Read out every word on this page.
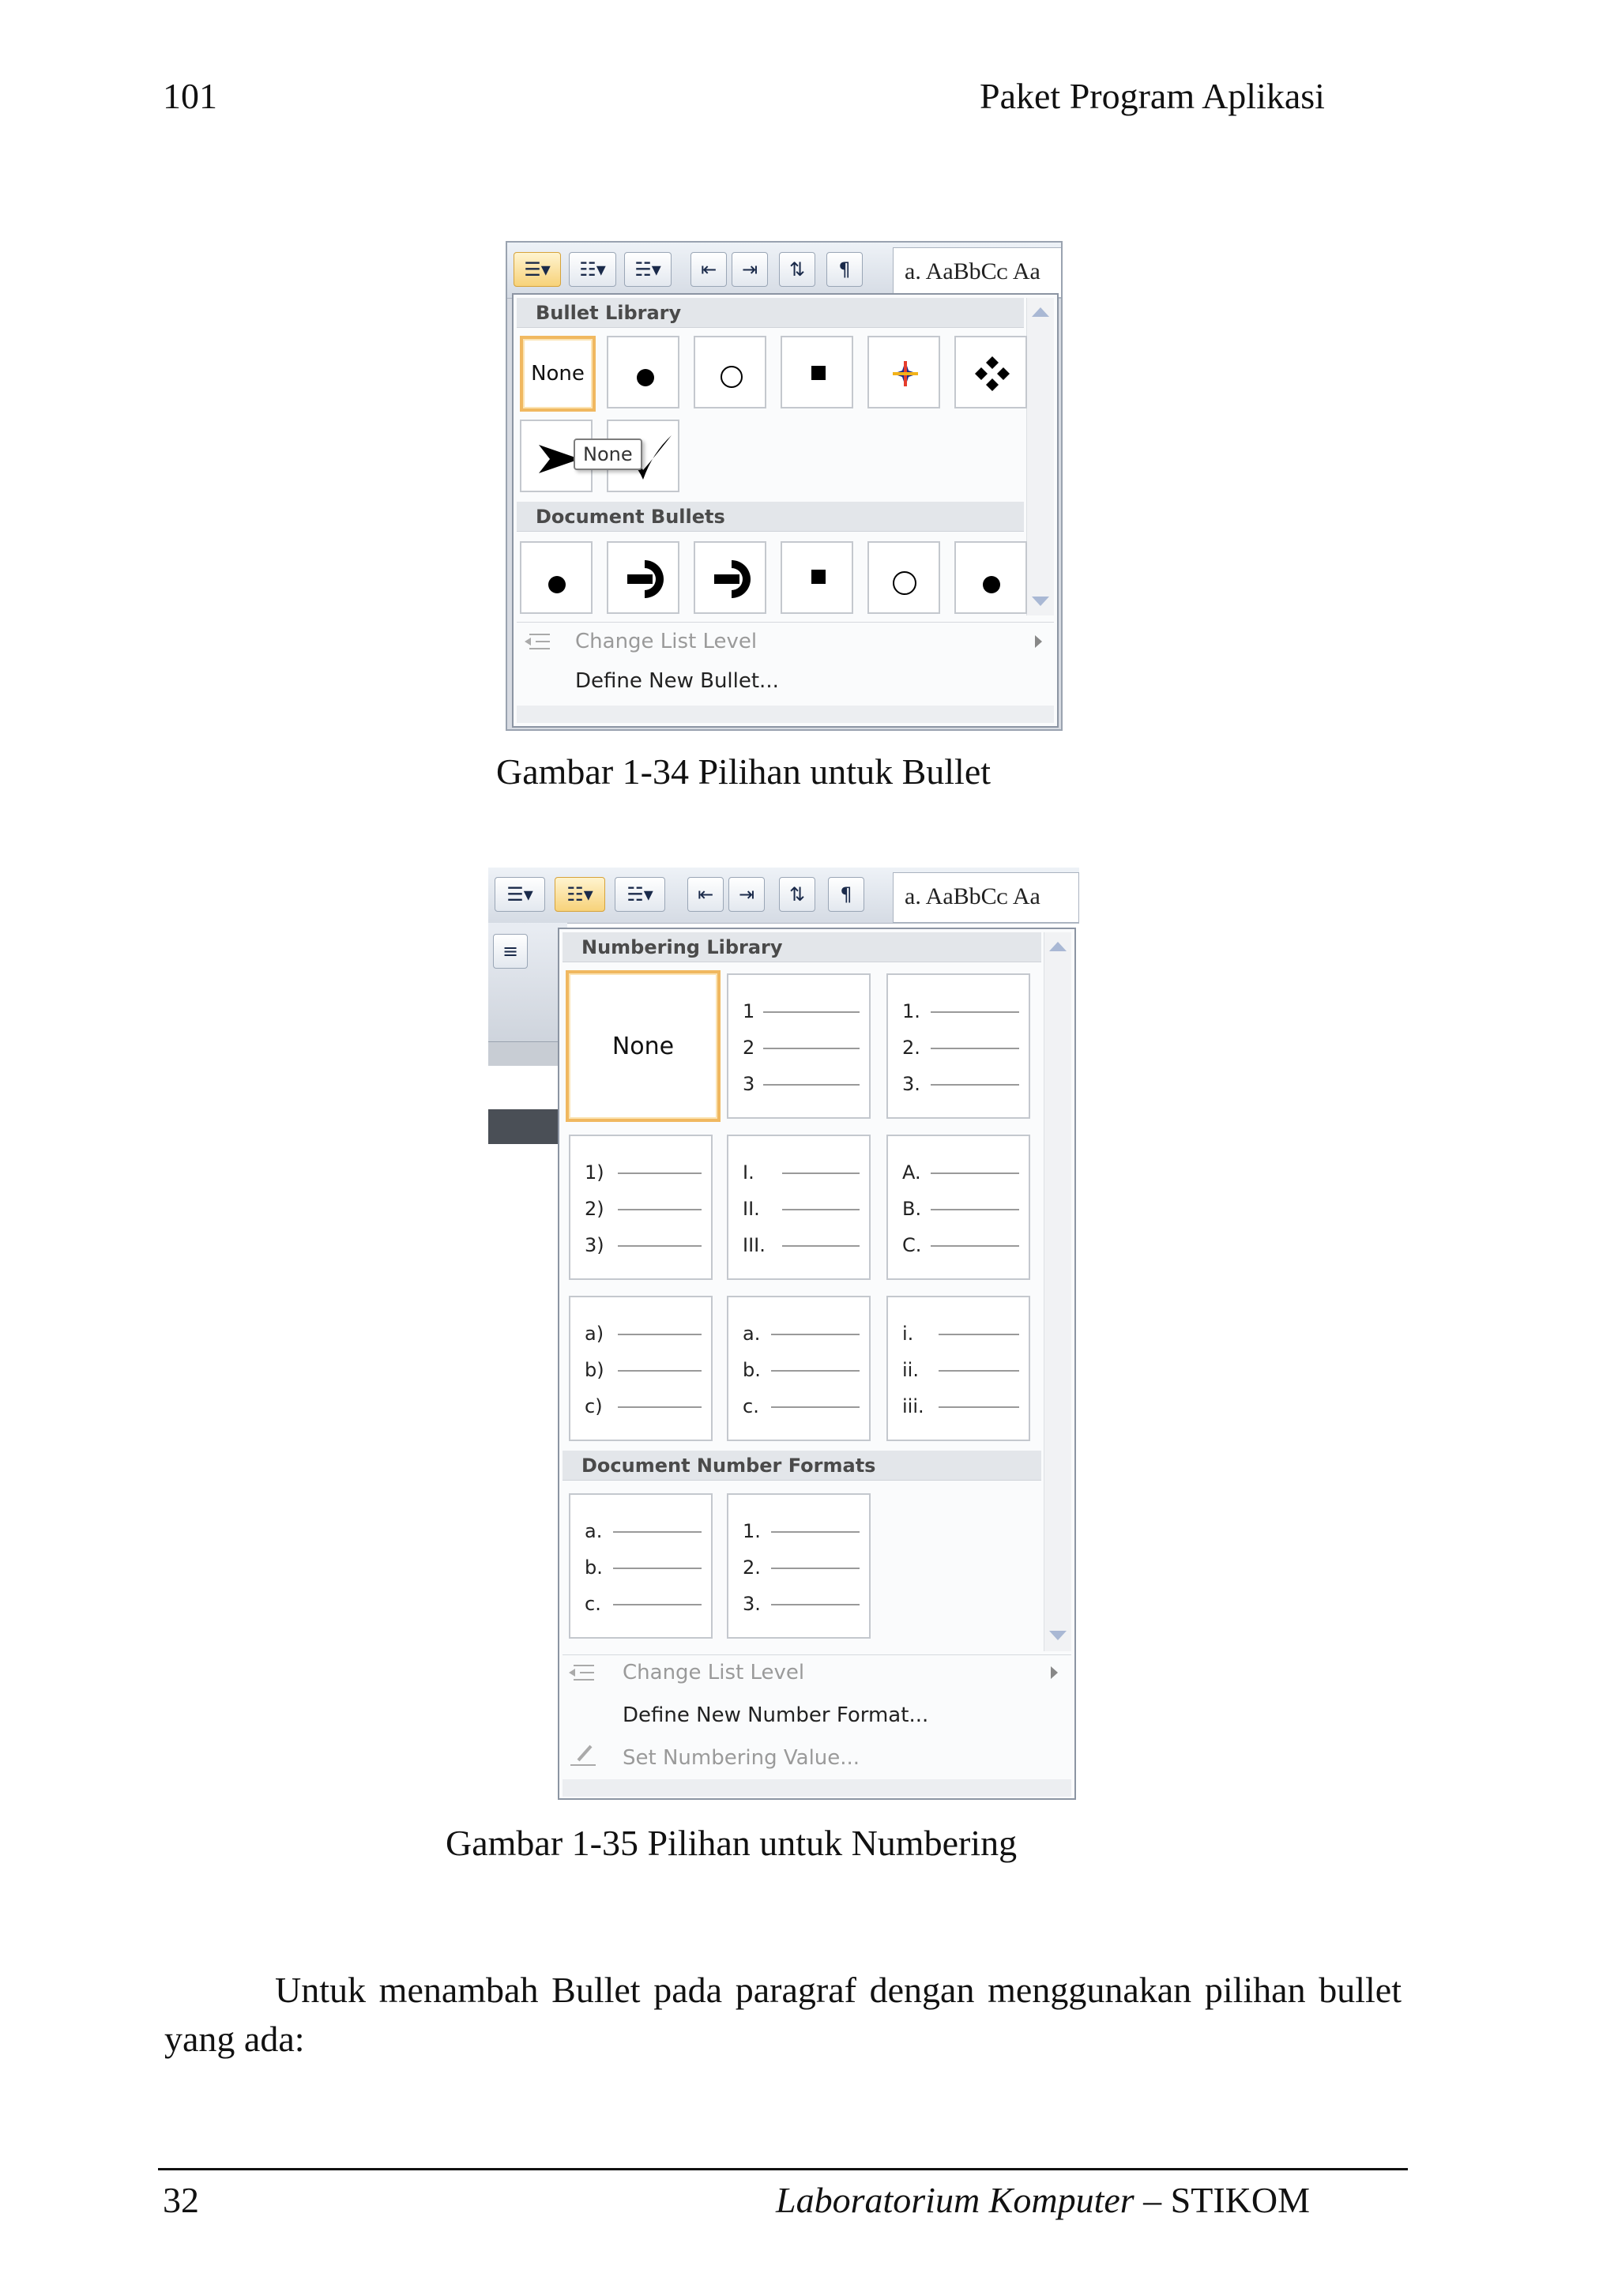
101	Paket Program Aplikasi
☰▾	☷▾	☵▾	⇤	⇥	⇅	¶	a. AaBbCᴄ Aa
Bullet Library
None
None
Document Bullets
Change List Level
Define New Bullet...
Gambar 1-34 Pilihan untuk Bullet
☰▾	☷▾	☵▾	⇤	⇥	⇅	¶	a. AaBbCᴄ Aa
≡	Numbering Library
None
1
2
3
1.
2.
3.
1)
2)
3)
I.
II.
III.
A.
B.
C.
a)
b)
c)
a.
b.
c.
i.
ii.
iii.
Document Number Formats
a.
b.
c.
1.
2.
3.
Change List Level
Define New Number Format...
Set Numbering Value...
Gambar 1-35 Pilihan untuk Numbering
Untuk menambah Bullet pada paragraf dengan menggunakan pilihan bullet yang ada:
32	Laboratorium Komputer – STIKOM
